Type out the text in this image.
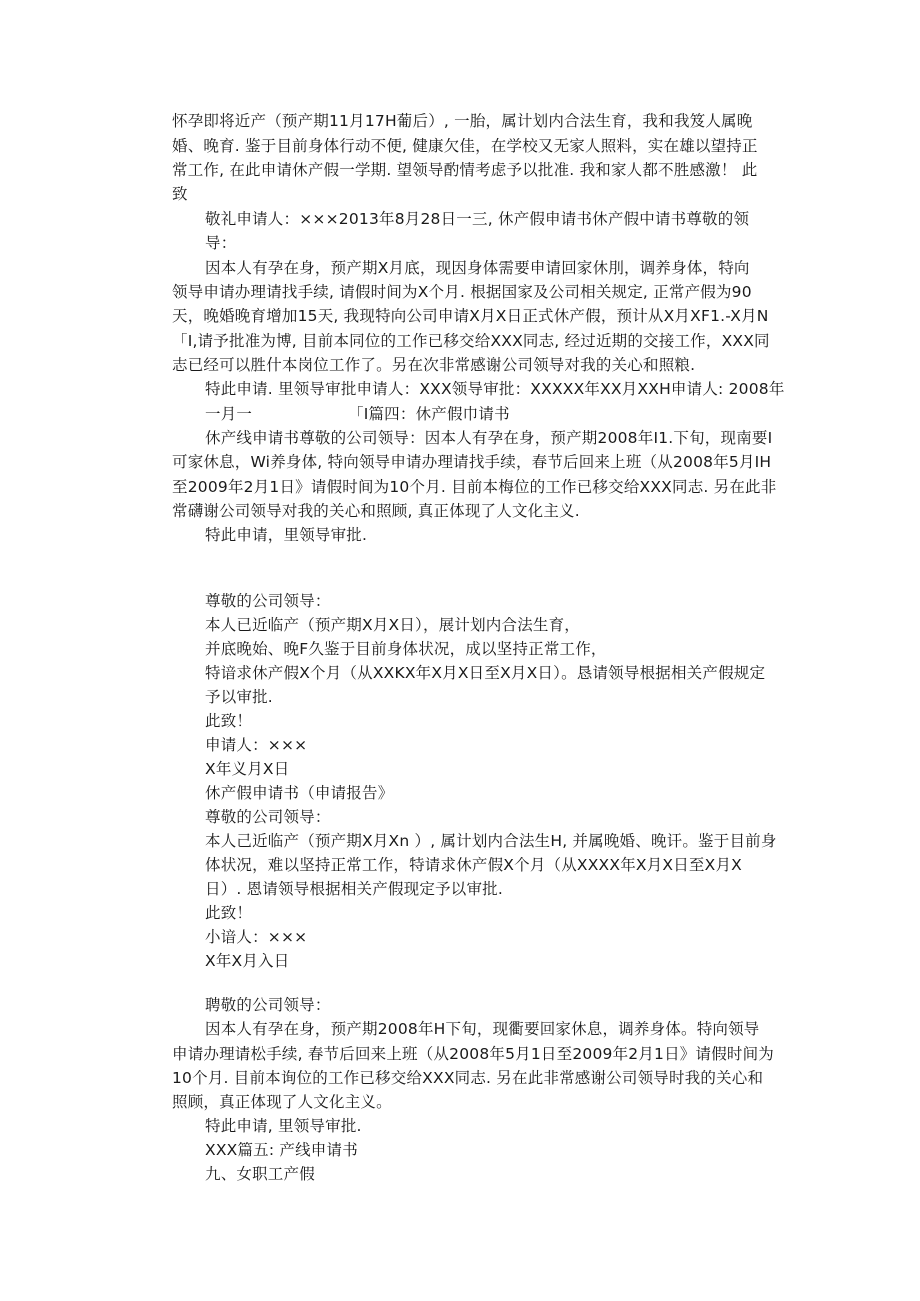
怀孕即将近产（预产期11月17H葡后）, 一胎，属计划内合法生育，我和我笈人属晚
婚、晚育. 鉴于目前身体行动不便, 健康欠佳，在学校又无家人照料，实在雄以望持正
常工作, 在此申请休产假一学期. 望领导酌情考虑予以批准. 我和家人都不胜感激！ 此
致
敬礼申请人：×××2013年8月28日一三, 休产假申请书休产假中请书尊敬的领
导：
因本人有孕在身，预产期X月底，现因身体需要申请回家休刖，调养身体，特向
领导申请办理请找手续, 请假时间为X个月. 根据国家及公司相关规定, 正常产假为90
天，晚婚晚育增加15天, 我现特向公司申请X月X日正式休产假，预计从X月XF1.-X月N
「I,请予批准为博, 目前本同位的工作已移交给XXX同志, 经过近期的交接工作，XXX同
志已经可以胜什本岗位工作了。另在次非常感谢公司领导对我的关心和照粮.
特此申请. 里领导审批申请人：XXX领导审批：XXXXX年XX月XXH申请人: 2008年
一月一	「I篇四：休产假巾请书
休产线申请书尊敬的公司领导：因本人有孕在身，预产期2008年I1.下旬，现南要I
可家休息，Wi养身体, 特向领导申请办理请找手续，春节后回来上班（从2008年5月IH
至2009年2月1日》请假时间为10个月. 目前本梅位的工作已移交给XXX同志. 另在此非
常礴谢公司领导对我的关心和照顾, 真正体现了人文化主义.
特此申请，里领导审批.
尊敬的公司领导：
本人已近临产（预产期X月X日），展计划内合法生育，
并底晚始、晚F久鉴于目前身体状况，成以坚持正常工作，
特谙求休产假X个月（从XXKX年X月X日至X月X日）。恳请领导根据相关产假规定
予以审批.
此致！
申请人：×××
X年义月X日
休产假申请书（申请报告》
尊敬的公司领导：
本人己近临产（预产期X月Xn ）, 属计划内合法生H, 并属晚婚、晚讦。鉴于目前身
体状况，难以坚持正常工作，特请求休产假X个月（从XXXX年X月X日至X月X
日）. 恩请领导根据相关产假现定予以审批.
此致！
小谙人：×××
X年X月入日
聘敬的公司领导：
因本人有孕在身，预产期2008年H下旬，现衢要回家休息，调养身体。特向领导
申请办理请松手续, 春节后回来上班（从2008年5月1日至2009年2月1日》请假时间为
10个月. 目前本询位的工作已移交给XXX同志. 另在此非常感谢公司领导时我的关心和
照顾，真正体现了人文化主义。
特此申请, 里领导审批.
XXX篇五: 产线申请书
九、女职工产假
